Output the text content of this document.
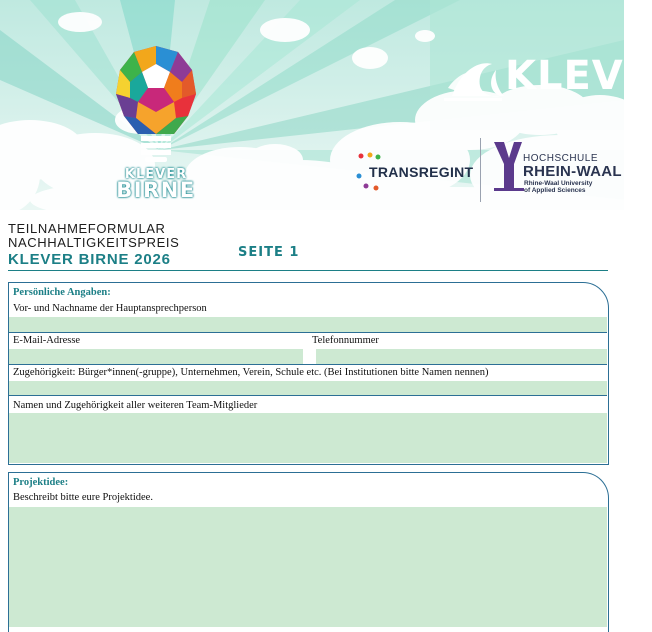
KLEVER
BIRNE
KLEVE
TRANSREGINT
HOCHSCHULE
RHEIN-WAAL
Rhine-Waal University
of Applied Sciences
TEILNAHMEFORMULAR
NACHHALTIGKEITSPREIS
KLEVER BIRNE 2026	SEITE 1
Persönliche Angaben:
Vor- und Nachname der Hauptansprechperson
E-Mail-Adresse	Telefonnummer
Zugehörigkeit: Bürger*innen(-gruppe), Unternehmen, Verein, Schule etc. (Bei Institutionen bitte Namen nennen)
Namen und Zugehörigkeit aller weiteren Team-Mitglieder
Projektidee:
Beschreibt bitte eure Projektidee.
